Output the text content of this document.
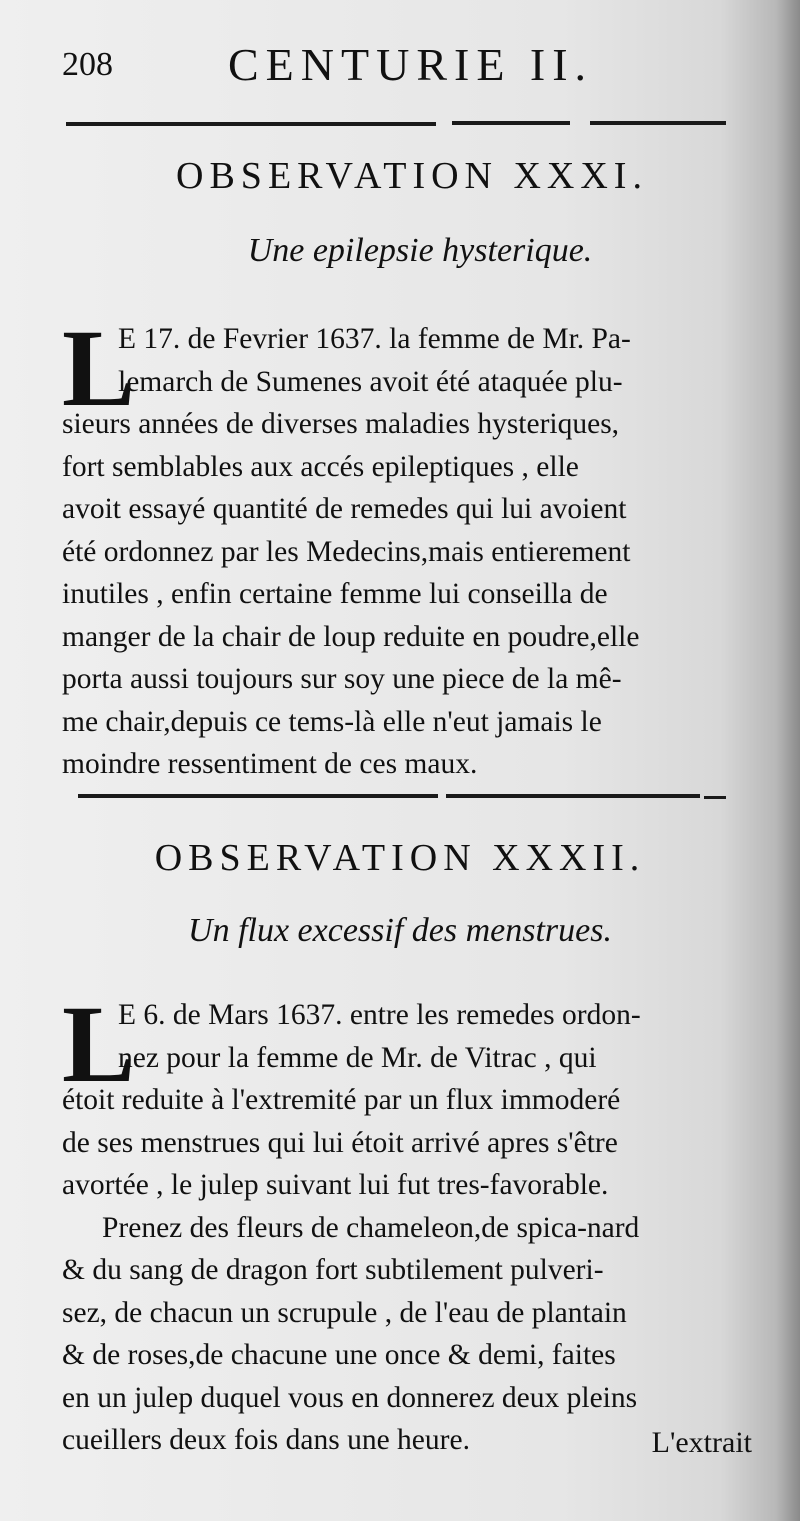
208	CENTURIE II.
OBSERVATION XXXI.
Une epilepsie hysterique.
L
E 17. de Fevrier 1637. la femme de Mr. Pa-
lemarch de Sumenes avoit été ataquée plu-
sieurs années de diverses maladies hysteriques,
fort semblables aux accés epileptiques , elle
avoit essayé quantité de remedes qui lui avoient
été ordonnez par les Medecins,mais entierement
inutiles , enfin certaine femme lui conseilla de
manger de la chair de loup reduite en poudre,elle
porta aussi toujours sur soy une piece de la mê-
me chair,depuis ce tems-là elle n'eut jamais le
moindre ressentiment de ces maux.
OBSERVATION XXXII.
Un flux excessif des menstrues.
L
E 6. de Mars 1637. entre les remedes ordon-
nez pour la femme de Mr. de Vitrac , qui
étoit reduite à l'extremité par un flux immoderé
de ses menstrues qui lui étoit arrivé apres s'être
avortée , le julep suivant lui fut tres-favorable.
Prenez des fleurs de chameleon,de spica-nard
& du sang de dragon fort subtilement pulveri-
sez, de chacun un scrupule , de l'eau de plantain
& de roses,de chacune une once & demi, faites
en un julep duquel vous en donnerez deux pleins
cueillers deux fois dans une heure.	L'extrait
